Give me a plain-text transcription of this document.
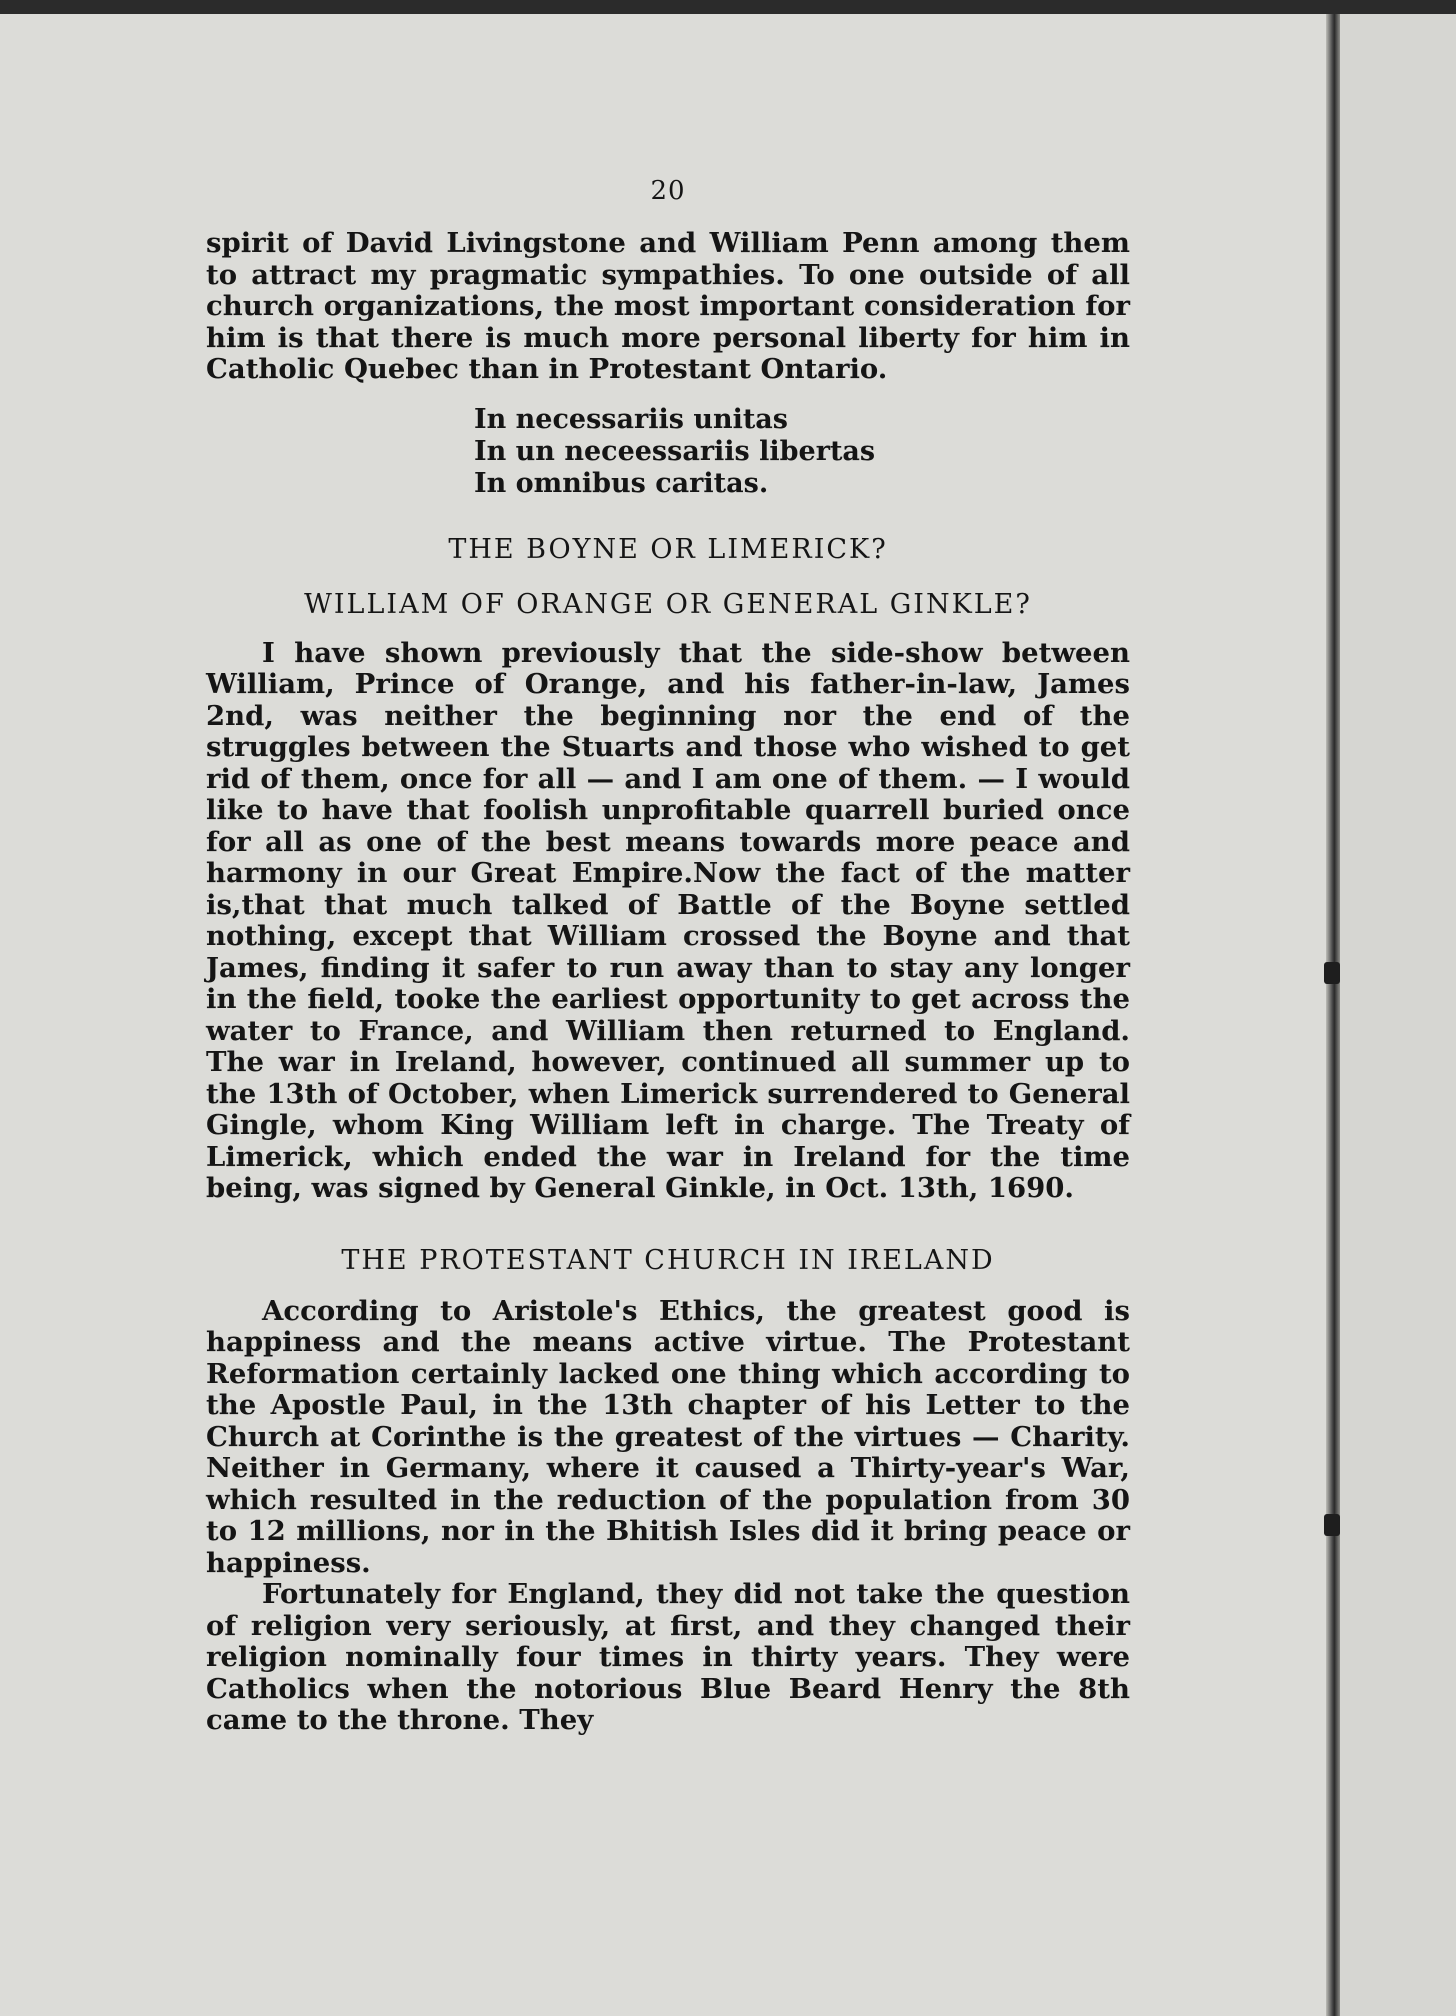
20

spirit of David Livingstone and William Penn among them to attract my pragmatic sympathies. To one outside of all church organizations, the most important consideration for him is that there is much more personal liberty for him in Catholic Quebec than in Protestant Ontario.

In necessariis unitas
In un neceessariis libertas
In omnibus caritas.
THE BOYNE OR LIMERICK?
WILLIAM OF ORANGE OR GENERAL GINKLE?

I have shown previously that the side-show between William, Prince of Orange, and his father-in-law, James 2nd, was neither the beginning nor the end of the struggles between the Stuarts and those who wished to get rid of them, once for all — and I am one of them. — I would like to have that foolish unprofitable quarrell buried once for all as one of the best means towards more peace and harmony in our Great Empire.Now the fact of the matter is,that that much talked of Battle of the Boyne settled nothing, except that William crossed the Boyne and that James, finding it safer to run away than to stay any longer in the field, tooke the earliest opportunity to get across the water to France, and William then returned to England. The war in Ireland, however, continued all summer up to the 13th of October, when Limerick surrendered to General Gingle, whom King William left in charge. The Treaty of Limerick, which ended the war in Ireland for the time being, was signed by General Ginkle, in Oct. 13th, 1690.

THE PROTESTANT CHURCH IN IRELAND

According to Aristole's Ethics, the greatest good is happiness and the means active virtue. The Protestant Reformation certainly lacked one thing which according to the Apostle Paul, in the 13th chapter of his Letter to the Church at Corinthe is the greatest of the virtues — Charity. Neither in Germany, where it caused a Thirty-year's War, which resulted in the reduction of the population from 30 to 12 millions, nor in the Bhitish Isles did it bring peace or happiness.

Fortunately for England, they did not take the question of religion very seriously, at first, and they changed their religion nominally four times in thirty years. They were Catholics when the notorious Blue Beard Henry the 8th came to the throne. They
